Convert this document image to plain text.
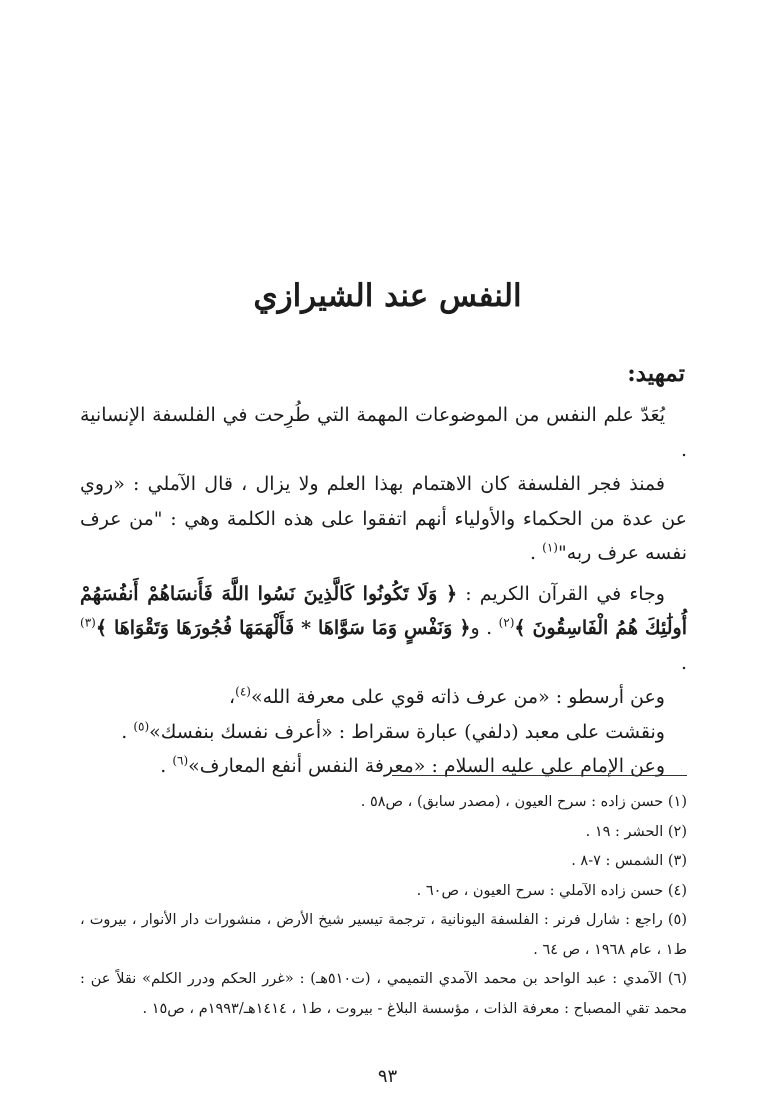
النفس عند الشيرازي
تمهيد:

يُعَدّ علم النفس من الموضوعات المهمة التي طُرِحت في الفلسفة الإنسانية .

فمنذ فجر الفلسفة كان الاهتمام بهذا العلم ولا يزال ، قال الآملي : «روي عن عدة من الحكماء والأولياء أنهم اتفقوا على هذه الكلمة وهي : "من عرف نفسه عرف ربه"$^{(١)}$ .

وجاء في القرآن الكريم : ﴿ وَلَا تَكُونُوا كَالَّذِينَ نَسُوا اللَّهَ فَأَنسَاهُمْ أَنفُسَهُمْ أُولَٰئِكَ هُمُ الْفَاسِقُونَ ﴾$^{(٢)}$ . و﴿ وَنَفْسٍ وَمَا سَوَّاهَا * فَأَلْهَمَهَا فُجُورَهَا وَتَقْوَاهَا ﴾$^{(٣)}$ .

وعن أرسطو : «من عرف ذاته قوي على معرفة الله»$^{(٤)}$،

ونقشت على معبد (دلفي) عبارة سقراط : «أعرف نفسك بنفسك»$^{(٥)}$ .

وعن الإمام علي عليه السلام : «معرفة النفس أنفع المعارف»$^{(٦)}$ .

(١) حسن زاده : سرح العيون ، (مصدر سابق) ، ص٥٨ .

(٢) الحشر : ١٩ .

(٣) الشمس : ٧-٨ .

(٤) حسن زاده الآملي : سرح العيون ، ص٦٠ .

(٥) راجع : شارل فرنر : الفلسفة اليونانية ، ترجمة تيسير شيخ الأرض ، منشورات دار الأنوار ، بيروت ، ط١ ، عام ١٩٦٨ ، ص ٦٤ .

(٦) الآمدي : عبد الواحد بن محمد الآمدي التميمي ، (ت٥١٠هـ) : «غرر الحكم ودرر الكلم» نقلاً عن : محمد تقي المصباح : معرفة الذات ، مؤسسة البلاغ - بيروت ، ط١ ، ١٤١٤هـ/١٩٩٣م ، ص١٥ .

٩٣
